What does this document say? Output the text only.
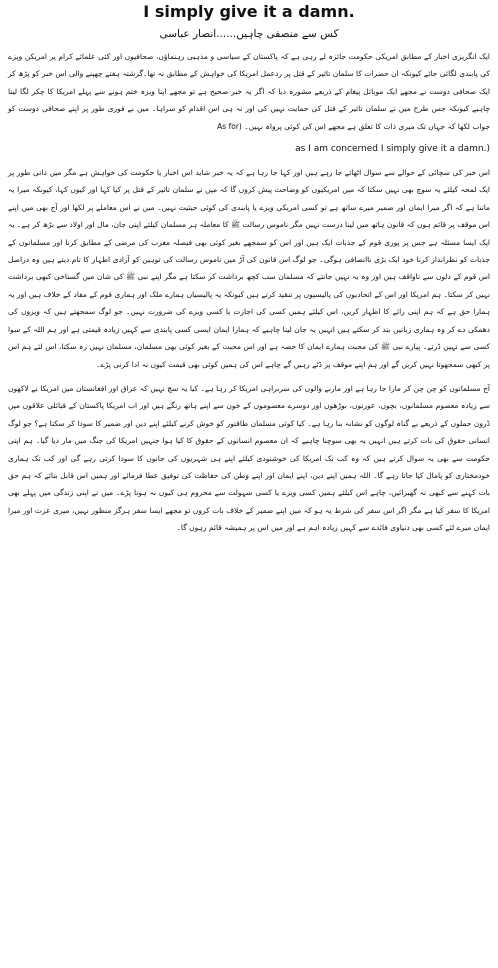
I simply give it a damn.
کس سے منصفی چاہیں......انصار عباسی

ایک انگریزی اخبار کے مطابق امریکی حکومت جائزہ لے رہی ہے کہ پاکستان کے سیاسی و مذہبی رہنماؤں، صحافیوں اور کئی علمائے کرام پر امریکن ویزے کی پابندی لگائی جائے کیونکہ ان حضرات کا سلمان تاثیر کے قتل پر ردعمل امریکا کی خواہش کے مطابق نہ تھا۔گزشتہ ہفتے چھپنے والی اس خبر کو پڑھ کر ایک صحافی دوست نے مجھے ایک موبائل پیغام کے ذریعے مشورہ دیا کہ اگر یہ خبر صحیح ہے تو مجھے اپنا ویزہ ختم ہونے سے پہلے امریکا کا چکر لگا لینا چاہیے کیونکہ جس طرح میں نے سلمان تاثیر کے قتل کی حمایت نہیں کی اور نہ ہی اس اقدام کو سراہا۔ میں نے فوری طور پر اپنے صحافی دوست کو جواب لکھا کہ جہاں تک میری ذات کا تعلق ہے مجھے اس کی کوئی پرواہ نہیں۔ (As for

as I am concerned I simply give it a damn.)

اس خبر کی سچائی کے حوالے سے سوال اٹھائے جا رہے ہیں اور کہا جا رہا ہے کہ یہ خبر شاید اس اخبار یا حکومت کی خواہش ہے مگر میں ذاتی طور پر ایک لمحہ کیلئے یہ سوچ بھی نہیں سکتا کہ میں امریکیوں کو وضاحت پیش کروں گا کہ میں نے سلمان تاثیر کے قتل پر کیا کہا اور کیوں کہا، کیونکہ میرا یہ ماننا ہے کہ اگر میرا ایمان اور ضمیر میرے ساتھ ہے تو کسی امریکی ویزے یا پابندی کی کوئی حیثیت نہیں۔ میں نے اس معاملے پر لکھا اور آج بھی میں اپنے اس موقف پر قائم ہوں کہ قانون ہاتھ میں لینا درست نہیں مگر ناموس رسالت ﷺ کا معاملہ ہر مسلمان کیلئے اپنی جان، مال اور اولاد سے بڑھ کر ہے۔ یہ ایک ایسا مسئلہ ہے جس پر پوری قوم کے جذبات ایک ہیں اور اس کو سمجھے بغیر کوئی بھی فیصلہ مغرب کی مرضی کے مطابق کرنا اور مسلمانوں کے جذبات کو نظرانداز کرنا خود ایک بڑی ناانصافی ہوگی۔ جو لوگ اس قانون کی آڑ میں ناموس رسالت کی توہین کو آزادی اظہار کا نام دیتے ہیں وہ دراصل اس قوم کے دلوں سے ناواقف ہیں اور وہ یہ نہیں جانتے کہ مسلمان سب کچھ برداشت کر سکتا ہے مگر اپنے نبی ﷺ کی شان میں گستاخی کبھی برداشت نہیں کر سکتا۔ ہم امریکا اور اس کے اتحادیوں کی پالیسیوں پر تنقید کرتے ہیں کیونکہ یہ پالیسیاں ہمارے ملک اور ہماری قوم کے مفاد کے خلاف ہیں اور یہ ہمارا حق ہے کہ ہم اپنی رائے کا اظہار کریں، اس کیلئے ہمیں کسی کی اجازت یا کسی ویزے کی ضرورت نہیں۔ جو لوگ سمجھتے ہیں کہ ویزوں کی دھمکی دے کر وہ ہماری زبانیں بند کر سکتے ہیں انہیں یہ جان لینا چاہیے کہ ہمارا ایمان ایسی کسی پابندی سے کہیں زیادہ قیمتی ہے اور ہم اللہ کے سوا کسی سے نہیں ڈرتے۔ پیارے نبی ﷺ کی محبت ہمارے ایمان کا حصہ ہے اور اس محبت کے بغیر کوئی بھی مسلمان، مسلمان نہیں رہ سکتا، اس لئے ہم اس پر کبھی سمجھوتا نہیں کریں گے اور ہم اپنے موقف پر ڈٹے رہیں گے چاہے اس کی ہمیں کوئی بھی قیمت کیوں نہ ادا کرنی پڑے۔

آج مسلمانوں کو چن چن کر مارا جا رہا ہے اور مارنے والوں کی سربراہی امریکا کر رہا ہے۔ کیا یہ سچ نہیں کہ عراق اور افغانستان میں امریکا نے لاکھوں سے زیادہ معصوم مسلمانوں، بچوں، عورتوں، بوڑھوں اور دوسرے معصوموں کے خون سے اپنے ہاتھ رنگے ہیں اور اب امریکا پاکستان کے قبائلی علاقوں میں ڈرون حملوں کے ذریعے بے گناہ لوگوں کو نشانہ بنا رہا ہے۔ کیا کوئی مسلمان طاقتور کو خوش کرنے کیلئے اپنے دین اور ضمیر کا سودا کر سکتا ہے؟ جو لوگ انسانی حقوق کی بات کرتے ہیں انہیں یہ بھی سوچنا چاہیے کہ ان معصوم انسانوں کے حقوق کا کیا ہوا جنہیں امریکا کی جنگ میں مار دیا گیا۔ ہم اپنی حکومت سے بھی یہ سوال کرتے ہیں کہ وہ کب تک امریکا کی خوشنودی کیلئے اپنے ہی شہریوں کی جانوں کا سودا کرتی رہے گی اور کب تک ہماری خودمختاری کو پامال کیا جاتا رہے گا۔ اللہ ہمیں اپنے دین، اپنے ایمان اور اپنے وطن کی حفاظت کی توفیق عطا فرمائے اور ہمیں اس قابل بنائے کہ ہم حق بات کہنے سے کبھی نہ گھبرائیں، چاہے اس کیلئے ہمیں کسی ویزے یا کسی سہولت سے محروم ہی کیوں نہ ہونا پڑے۔ میں نے اپنی زندگی میں پہلے بھی امریکا کا سفر کیا ہے مگر اگر اس سفر کی شرط یہ ہو کہ میں اپنے ضمیر کے خلاف بات کروں تو مجھے ایسا سفر ہرگز منظور نہیں، میری عزت اور میرا ایمان میرے لئے کسی بھی دنیاوی فائدے سے کہیں زیادہ اہم ہے اور میں اس پر ہمیشہ قائم رہوں گا۔
